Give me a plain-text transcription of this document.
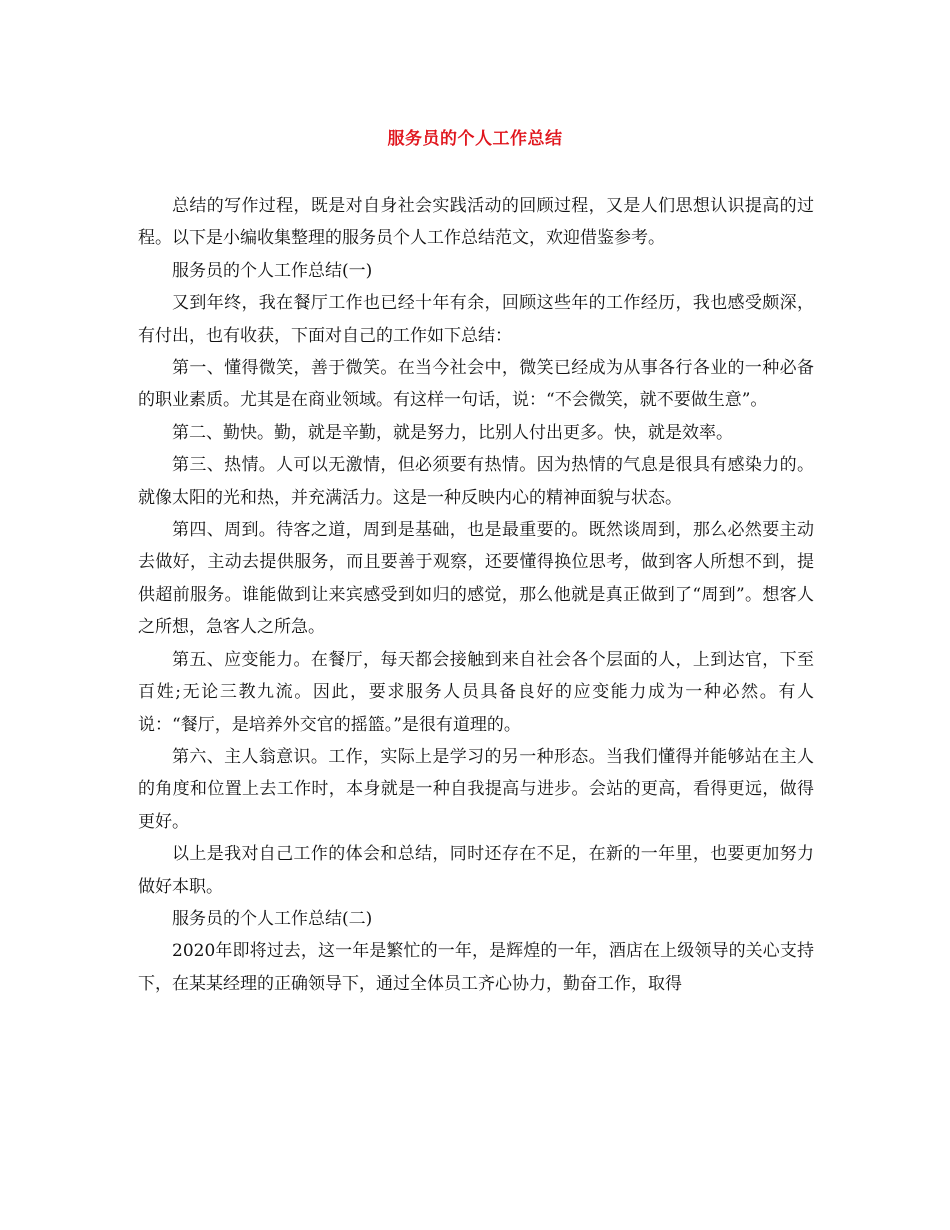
服务员的个人工作总结

总结的写作过程，既是对自身社会实践活动的回顾过程，又是人们思想认识提高的过程。以下是小编收集整理的服务员个人工作总结范文，欢迎借鉴参考。

服务员的个人工作总结(一)

又到年终，我在餐厅工作也已经十年有余，回顾这些年的工作经历，我也感受颇深，有付出，也有收获，下面对自己的工作如下总结：

第一、懂得微笑，善于微笑。在当今社会中，微笑已经成为从事各行各业的一种必备的职业素质。尤其是在商业领域。有这样一句话，说：“不会微笑，就不要做生意”。

第二、勤快。勤，就是辛勤，就是努力，比别人付出更多。快，就是效率。

第三、热情。人可以无激情，但必须要有热情。因为热情的气息是很具有感染力的。就像太阳的光和热，并充满活力。这是一种反映内心的精神面貌与状态。

第四、周到。待客之道，周到是基础，也是最重要的。既然谈周到，那么必然要主动去做好，主动去提供服务，而且要善于观察，还要懂得换位思考，做到客人所想不到，提供超前服务。谁能做到让来宾感受到如归的感觉，那么他就是真正做到了“周到”。想客人之所想，急客人之所急。

第五、应变能力。在餐厅，每天都会接触到来自社会各个层面的人，上到达官，下至百姓;无论三教九流。因此，要求服务人员具备良好的应变能力成为一种必然。有人说：“餐厅，是培养外交官的摇篮。”是很有道理的。

第六、主人翁意识。工作，实际上是学习的另一种形态。当我们懂得并能够站在主人的角度和位置上去工作时，本身就是一种自我提高与进步。会站的更高，看得更远，做得更好。

以上是我对自己工作的体会和总结，同时还存在不足，在新的一年里，也要更加努力做好本职。

服务员的个人工作总结(二)

2020年即将过去，这一年是繁忙的一年，是辉煌的一年，酒店在上级领导的关心支持下，在某某经理的正确领导下，通过全体员工齐心协力，勤奋工作，取得
